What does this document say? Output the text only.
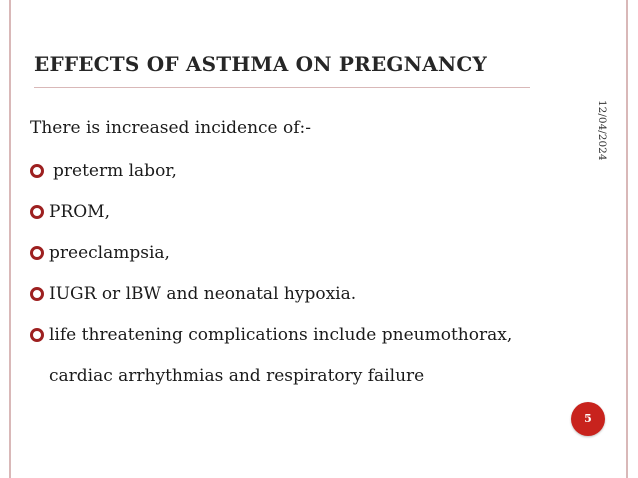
EFFECTS OF ASTHMA ON PREGNANCY
12/04/2024
There is increased incidence of:-
preterm labor,
PROM,
preeclampsia,
IUGR or lBW and neonatal hypoxia.
life threatening complications include pneumothorax,
cardiac arrhythmias and respiratory failure
5
